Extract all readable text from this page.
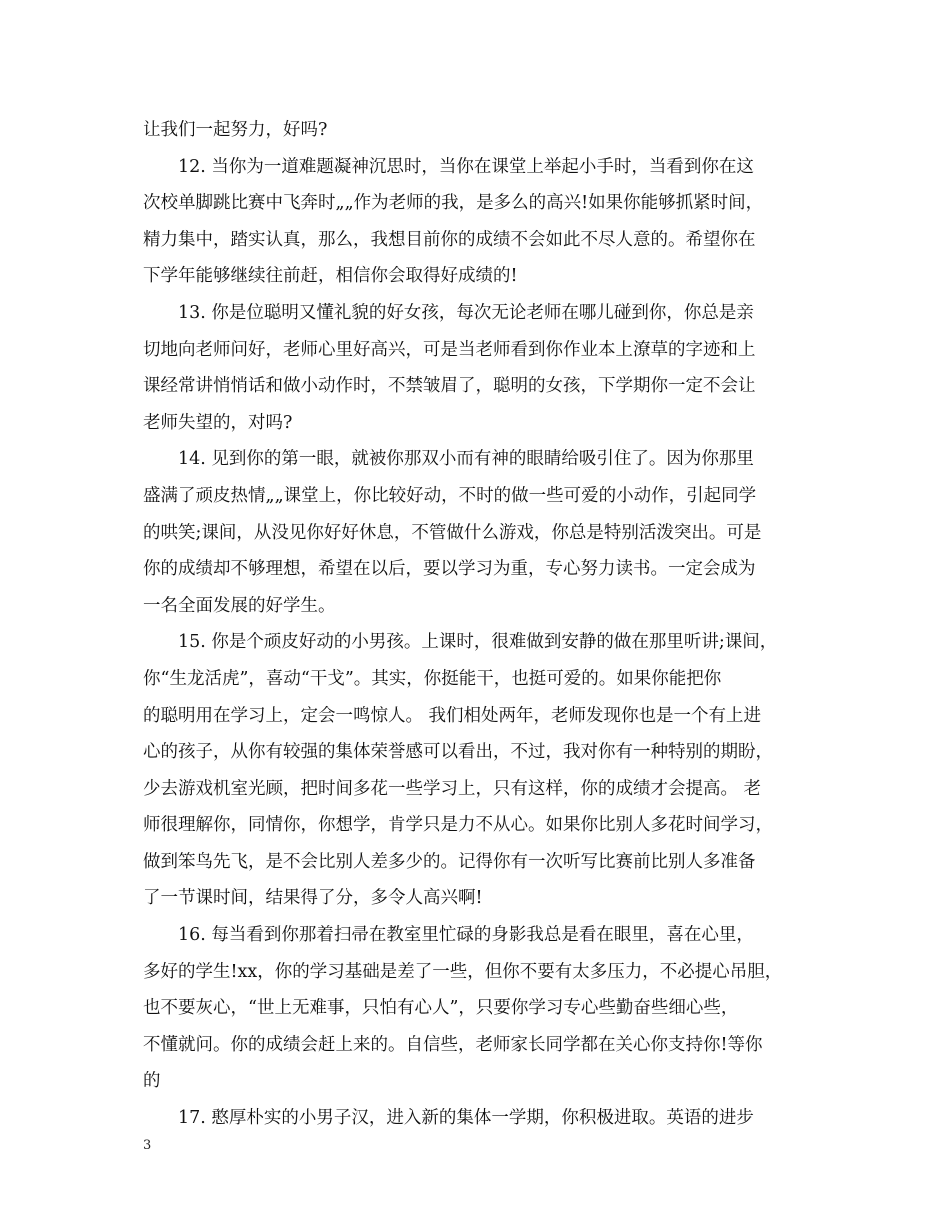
让我们一起努力，好吗?
12. 当你为一道难题凝神沉思时，当你在课堂上举起小手时，当看到你在这
次校单脚跳比赛中飞奔时„„作为老师的我，是多么的高兴!如果你能够抓紧时间，
精力集中，踏实认真，那么，我想目前你的成绩不会如此不尽人意的。希望你在
下学年能够继续往前赶，相信你会取得好成绩的!
13. 你是位聪明又懂礼貌的好女孩，每次无论老师在哪儿碰到你，你总是亲
切地向老师问好，老师心里好高兴，可是当老师看到你作业本上潦草的字迹和上
课经常讲悄悄话和做小动作时，不禁皱眉了，聪明的女孩，下学期你一定不会让
老师失望的，对吗?
14. 见到你的第一眼，就被你那双小而有神的眼睛给吸引住了。因为你那里
盛满了顽皮热情„„课堂上，你比较好动，不时的做一些可爱的小动作，引起同学
的哄笑;课间，从没见你好好休息，不管做什么游戏，你总是特别活泼突出。可是
你的成绩却不够理想，希望在以后，要以学习为重，专心努力读书。一定会成为
一名全面发展的好学生。
15. 你是个顽皮好动的小男孩。上课时，很难做到安静的做在那里听讲;课间，
你“生龙活虎”，喜动“干戈”。其实，你挺能干，也挺可爱的。如果你能把你
的聪明用在学习上，定会一鸣惊人。 我们相处两年，老师发现你也是一个有上进
心的孩子，从你有较强的集体荣誉感可以看出，不过，我对你有一种特别的期盼，
少去游戏机室光顾，把时间多花一些学习上，只有这样，你的成绩才会提高。 老
师很理解你，同情你，你想学，肯学只是力不从心。如果你比别人多花时间学习，
做到笨鸟先飞，是不会比别人差多少的。记得你有一次听写比赛前比别人多准备
了一节课时间，结果得了分，多令人高兴啊!
16. 每当看到你那着扫帚在教室里忙碌的身影我总是看在眼里，喜在心里，
多好的学生!xx，你的学习基础是差了一些，但你不要有太多压力，不必提心吊胆，
也不要灰心，“世上无难事，只怕有心人”，只要你学习专心些勤奋些细心些，
不懂就问。你的成绩会赶上来的。自信些，老师家长同学都在关心你支持你!等你
的
17. 憨厚朴实的小男子汉，进入新的集体一学期，你积极进取。英语的进步
3
